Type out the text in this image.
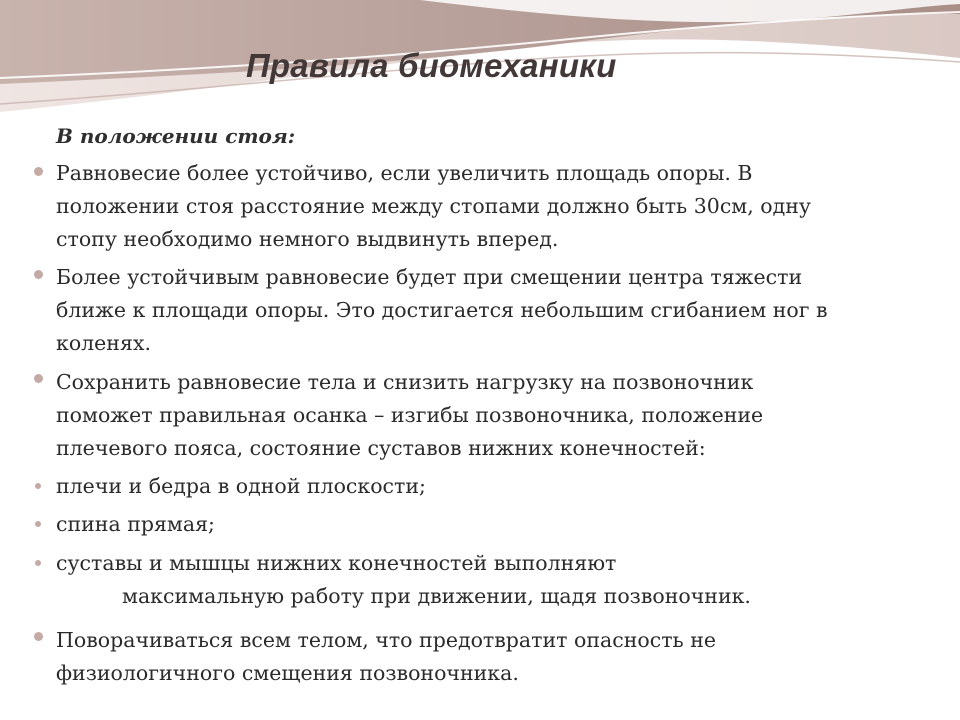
Правила биомеханики
В положении стоя:
Равновесие более устойчиво, если увеличить площадь опоры. В
положении стоя расстояние между стопами должно быть 30см, одну
стопу необходимо немного выдвинуть вперед.
Более устойчивым равновесие будет при смещении центра тяжести
ближе к площади опоры. Это достигается небольшим сгибанием ног в
коленях.
Сохранить равновесие тела и снизить нагрузку на позвоночник
поможет правильная осанка – изгибы позвоночника, положение
плечевого пояса, состояние суставов нижних конечностей:
плечи и бедра в одной плоскости;
спина прямая;
суставы и мышцы нижних конечностей выполняют
максимальную работу при движении, щадя позвоночник.
Поворачиваться всем телом, что предотвратит опасность не
физиологичного смещения позвоночника.
